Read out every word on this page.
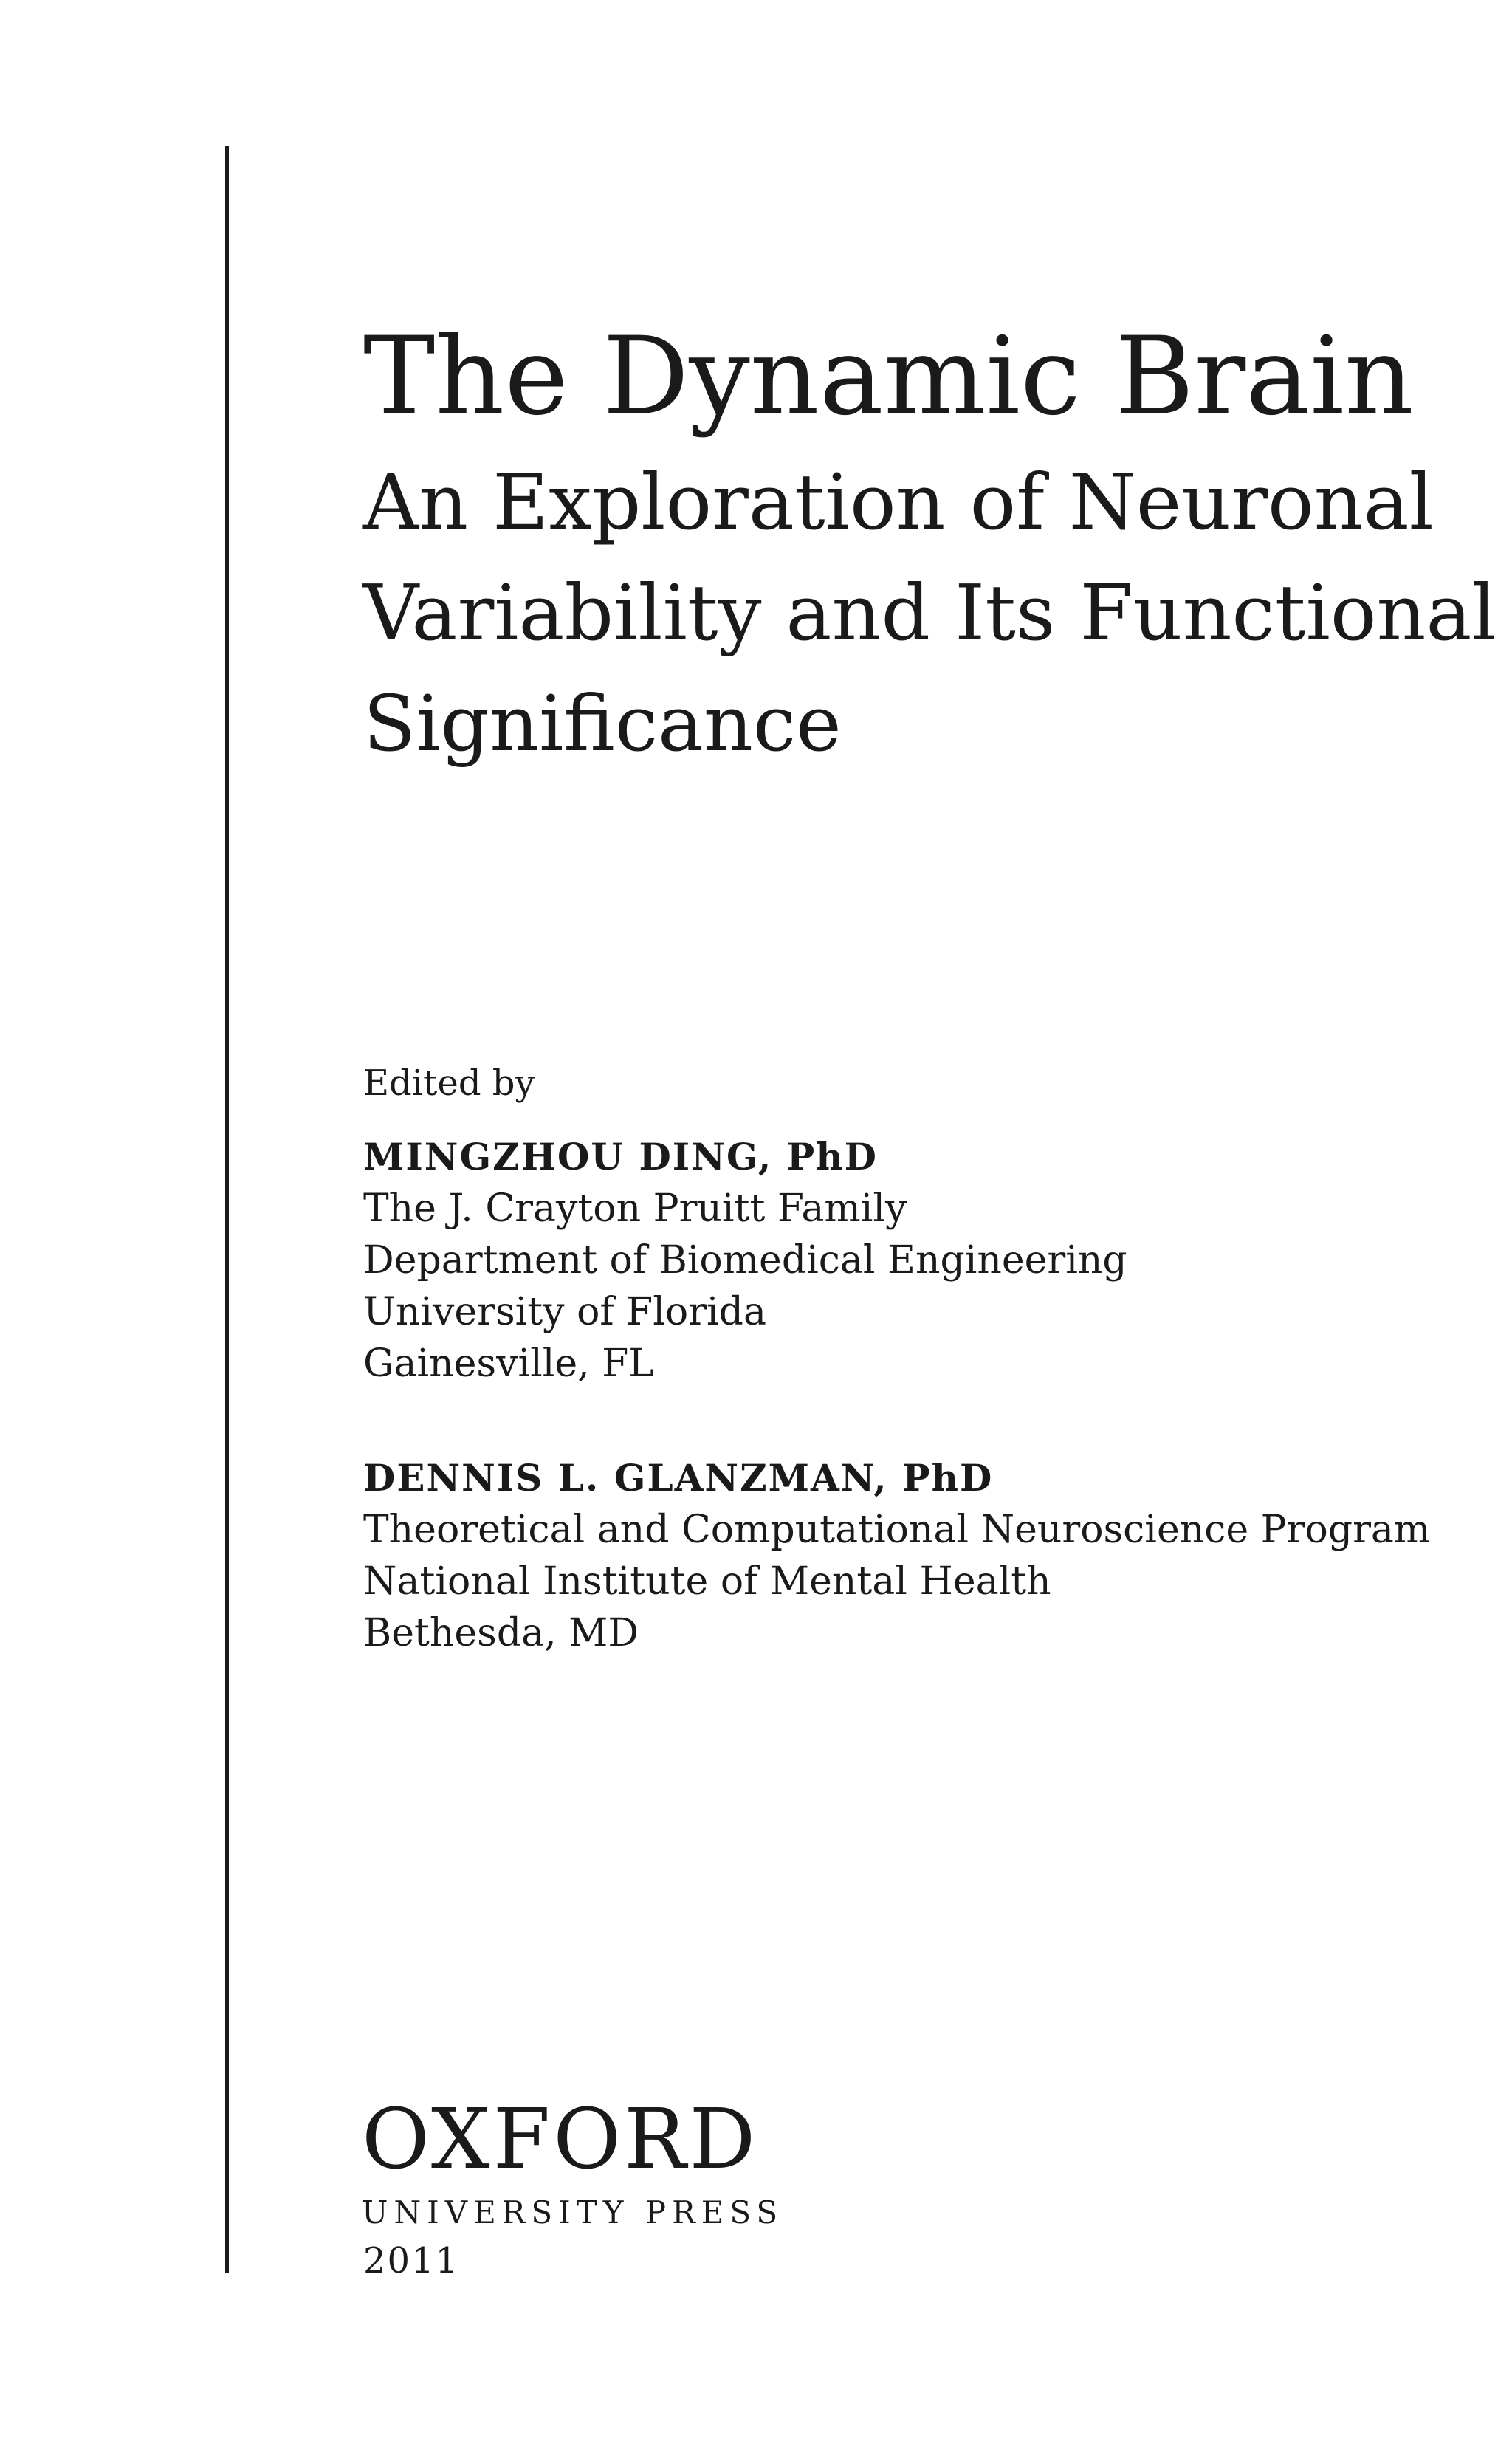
The Dynamic Brain
An Exploration of Neuronal
Variability and Its Functional
Significance
Edited by
MINGZHOU DING, PhD
The J. Crayton Pruitt Family
Department of Biomedical Engineering
University of Florida
Gainesville, FL
DENNIS L. GLANZMAN, PhD
Theoretical and Computational Neuroscience Program
National Institute of Mental Health
Bethesda, MD
OXFORD
UNIVERSITY PRESS
2011
